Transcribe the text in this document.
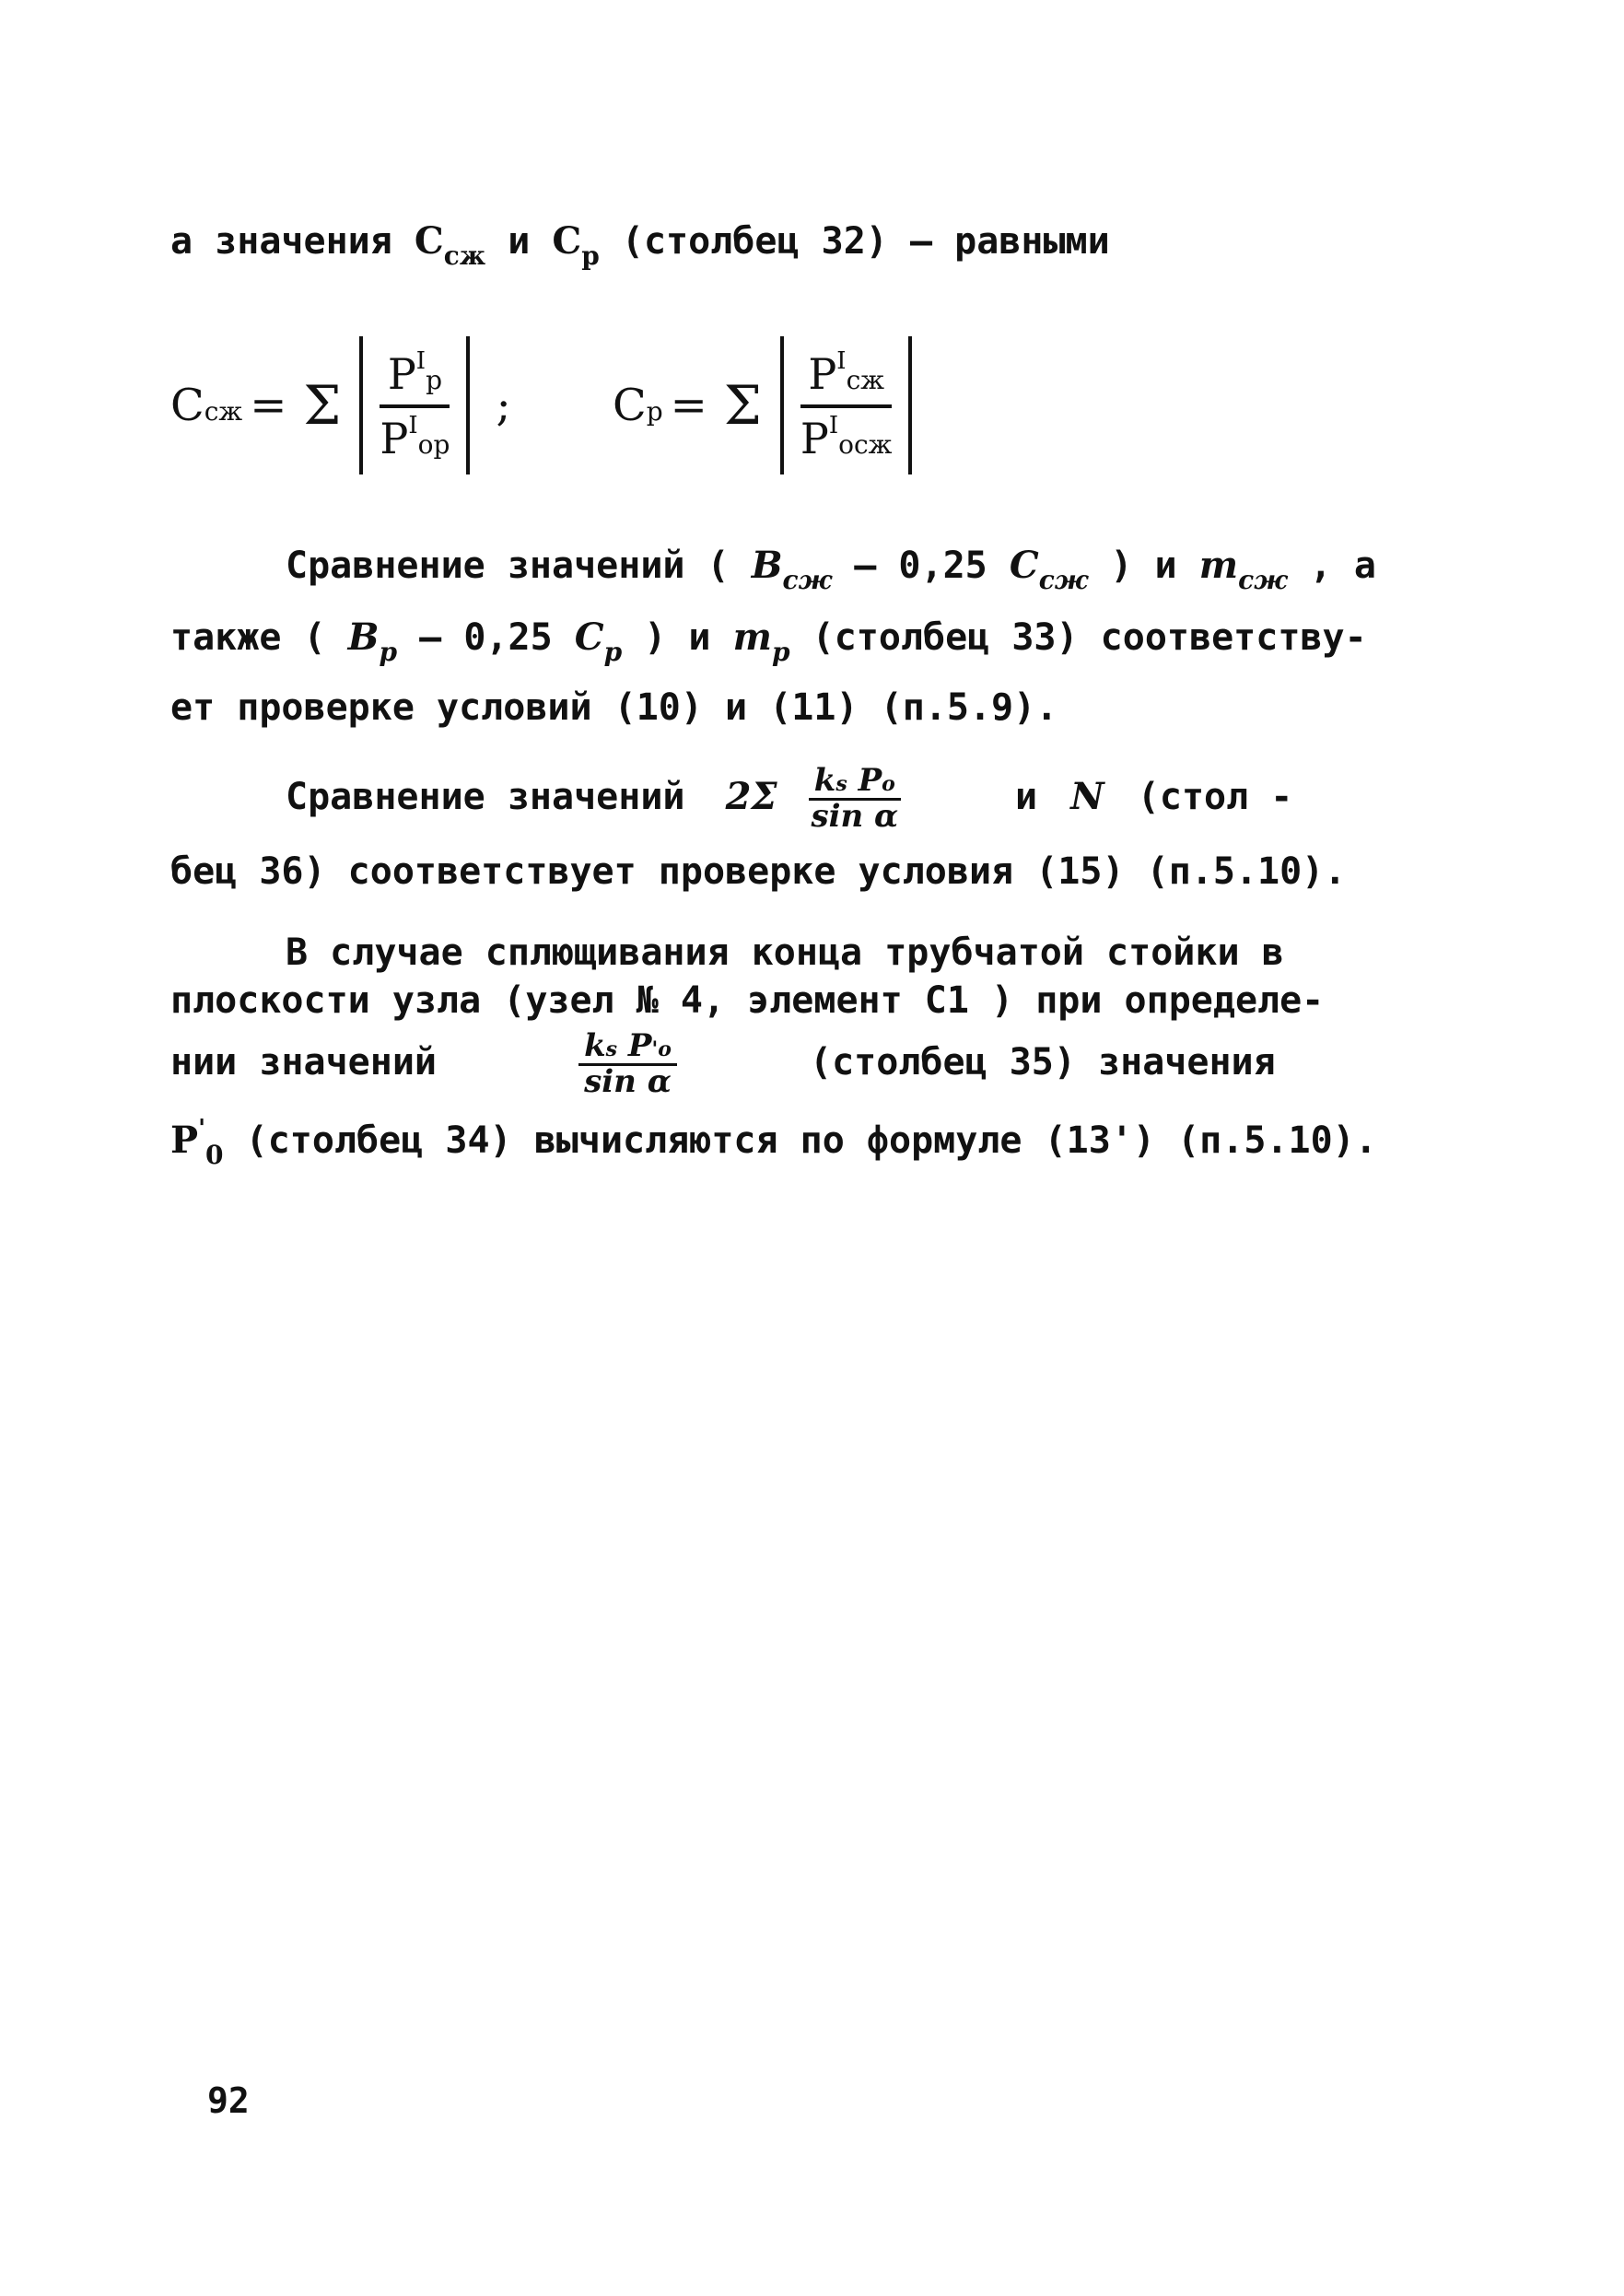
а значения $C_{сж}$ и $C_р$ (столбец 32) – равными
Cсж = Σ $P^Iр$
$P^Iор$
; Cр = Σ $P^Iсж$
$P^Iосж$
Сравнение значений ( $B_{сж} - 0,25$ $C_{сж}$ ) и $m_{сж}$ , а
также ( $B_р - 0,25$ $C_р$ ) и $m_р$ (столбец 33) соответству-
ет проверке условий (10) и (11) (п.5.9).
Сравнение значений $2\Sigma \frac{\text{ks Po}}{\text{sin α}}$	и N (стол -
бец 36) соответствует проверке условия (15) (п.5.10).
В случае сплющивания конца трубчатой стойки в
плоскости узла (узел № 4, элемент C1 ) при определе-
нии значений	$\frac{\text{ks P'o}}{\text{sin α}}$	(столбец 35) значения
$P'_0$ (столбец 34) вычисляются по формуле (13') (п.5.10).
92
